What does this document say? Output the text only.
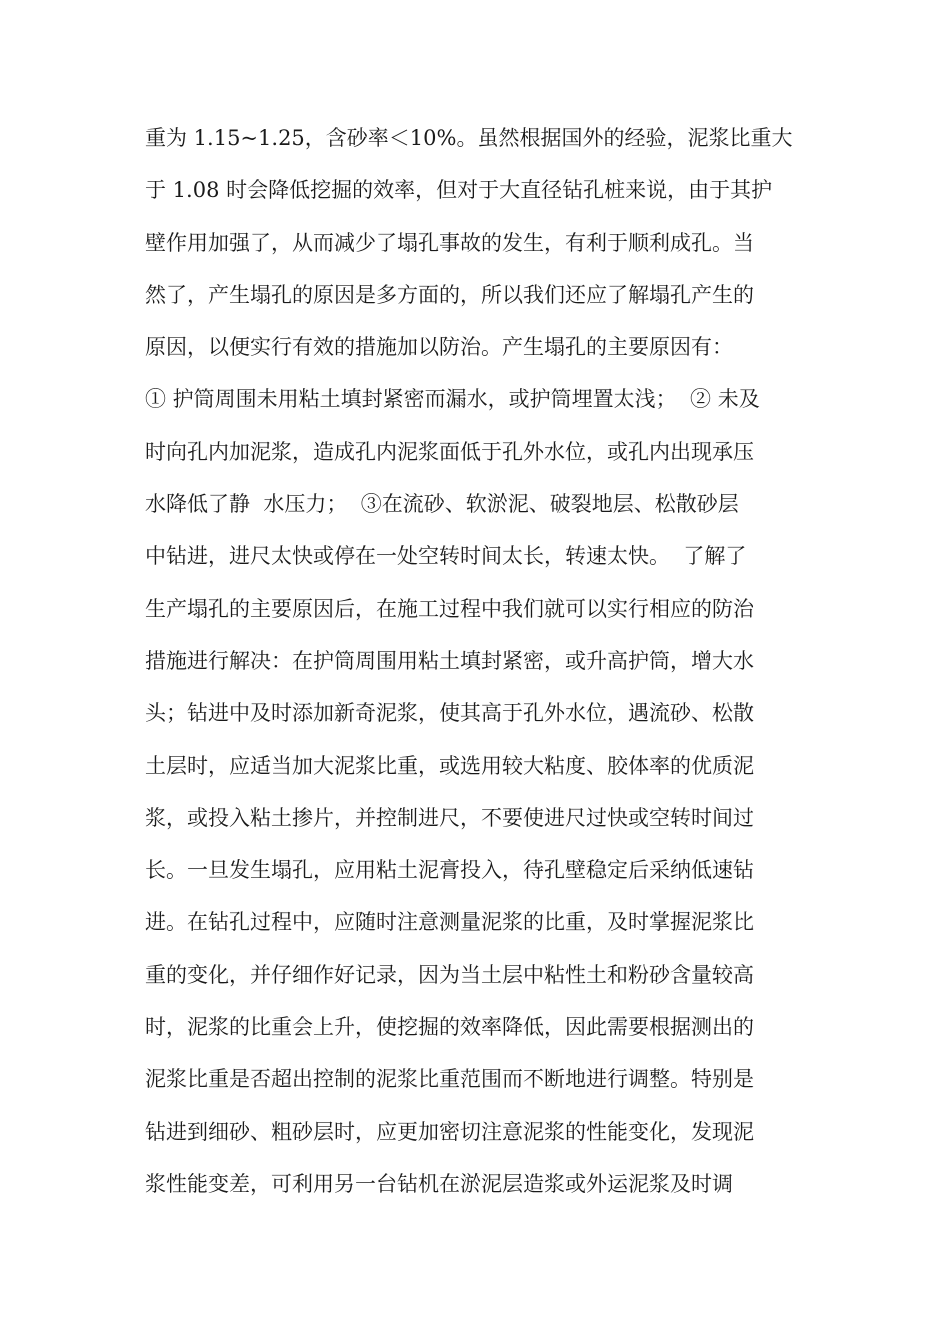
重为 1.15~1.25，含砂率＜10%。虽然根据国外的经验，泥浆比重大
于 1.08 时会降低挖掘的效率，但对于大直径钻孔桩来说，由于其护
壁作用加强了，从而减少了塌孔事故的发生，有利于顺利成孔。当
然了，产生塌孔的原因是多方面的，所以我们还应了解塌孔产生的
原因，以便实行有效的措施加以防治。产生塌孔的主要原因有：
① 护筒周围未用粘土填封紧密而漏水，或护筒埋置太浅；  ② 未及
时向孔内加泥浆，造成孔内泥浆面低于孔外水位，或孔内出现承压
水降低了静  水压力；  ③在流砂、软淤泥、破裂地层、松散砂层
中钻进，进尺太快或停在一处空转时间太长，转速太快。  了解了
生产塌孔的主要原因后，在施工过程中我们就可以实行相应的防治
措施进行解决：在护筒周围用粘土填封紧密，或升高护筒，增大水
头；钻进中及时添加新奇泥浆，使其高于孔外水位，遇流砂、松散
土层时，应适当加大泥浆比重，或选用较大粘度、胶体率的优质泥
浆，或投入粘土掺片，并控制进尺，不要使进尺过快或空转时间过
长。一旦发生塌孔，应用粘土泥膏投入，待孔壁稳定后采纳低速钻
进。在钻孔过程中，应随时注意测量泥浆的比重，及时掌握泥浆比
重的变化，并仔细作好记录，因为当土层中粘性土和粉砂含量较高
时，泥浆的比重会上升，使挖掘的效率降低，因此需要根据测出的
泥浆比重是否超出控制的泥浆比重范围而不断地进行调整。特别是
钻进到细砂、粗砂层时，应更加密切注意泥浆的性能变化，发现泥
浆性能变差，可利用另一台钻机在淤泥层造浆或外运泥浆及时调
